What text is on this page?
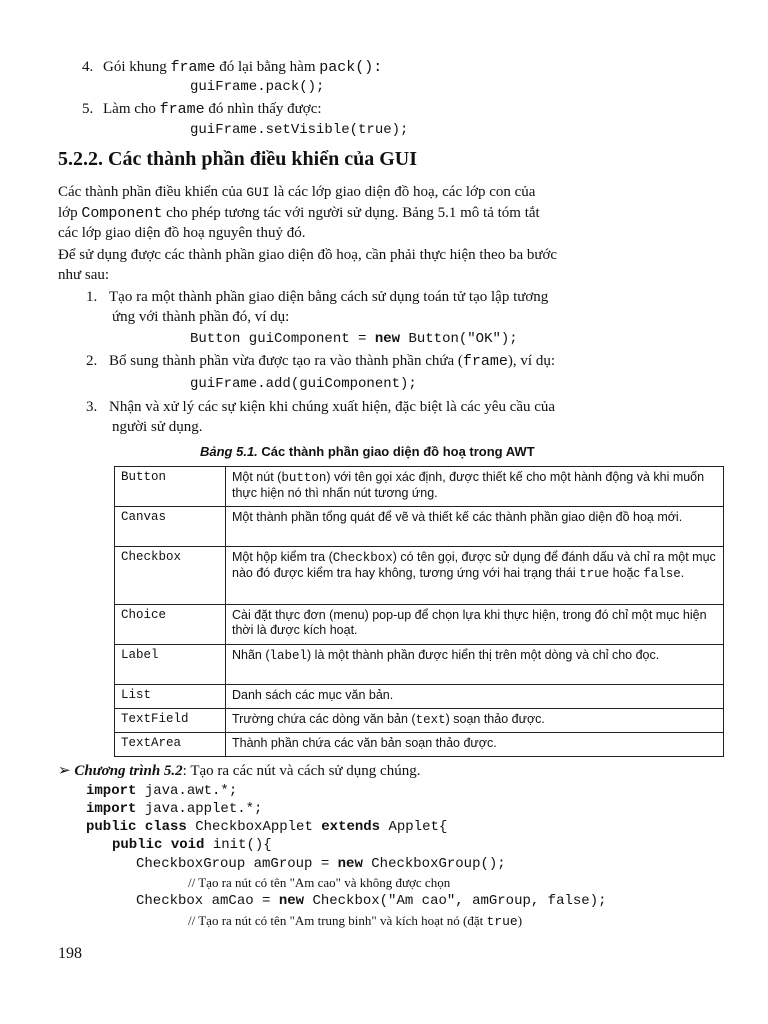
4. Gói khung frame đó lại bằng hàm pack():
guiFrame.pack();
5. Làm cho frame đó nhìn thấy được:
guiFrame.setVisible(true);
5.2.2. Các thành phần điều khiển của GUI
Các thành phần điều khiển của GUI là các lớp giao diện đồ hoạ, các lớp con của
lớp Component cho phép tương tác với người sử dụng. Bảng 5.1 mô tả tóm tắt
các lớp giao diện đồ hoạ nguyên thuỷ đó.
Để sử dụng được các thành phần giao diện đồ hoạ, cần phải thực hiện theo ba bước
như sau:
1. Tạo ra một thành phần giao diện bằng cách sử dụng toán tử tạo lập tương
ứng với thành phần đó, ví dụ:
Button guiComponent = new Button("OK");
2. Bổ sung thành phần vừa được tạo ra vào thành phần chứa (frame), ví dụ:
guiFrame.add(guiComponent);
3. Nhận và xử lý các sự kiện khi chúng xuất hiện, đặc biệt là các yêu cầu của
người sử dụng.
Bảng 5.1. Các thành phần giao diện đồ hoạ trong AWT
Button	Một nút (button) với tên gọi xác định, được thiết kế cho một hành động và khi muốn thực hiện nó thì nhấn nút tương ứng.
Canvas	Một thành phần tổng quát để vẽ và thiết kế các thành phần giao diện đồ hoạ mới.
Checkbox	Một hộp kiểm tra (Checkbox) có tên gọi, được sử dụng để đánh dấu và chỉ ra một mục nào đó được kiểm tra hay không, tương ứng với hai trạng thái true hoặc false.
Choice	Cài đặt thực đơn (menu) pop-up để chọn lựa khi thực hiện, trong đó chỉ một mục hiện thời là được kích hoạt.
Label	Nhãn (label) là một thành phần được hiển thị trên một dòng và chỉ cho đọc.
List	Danh sách các mục văn bản.
TextField	Trường chứa các dòng văn bản (text) soạn thảo được.
TextArea	Thành phần chứa các văn bản soạn thảo được.
➢ Chương trình 5.2: Tạo ra các nút và cách sử dụng chúng.
import java.awt.*;
import java.applet.*;
public class CheckboxApplet extends Applet{
public void init(){
CheckboxGroup amGroup = new CheckboxGroup();
// Tạo ra nút có tên "Am cao" và không được chọn
Checkbox amCao = new Checkbox("Am cao", amGroup, false);
// Tạo ra nút có tên "Am trung binh" và kích hoạt nó (đặt true)
198
